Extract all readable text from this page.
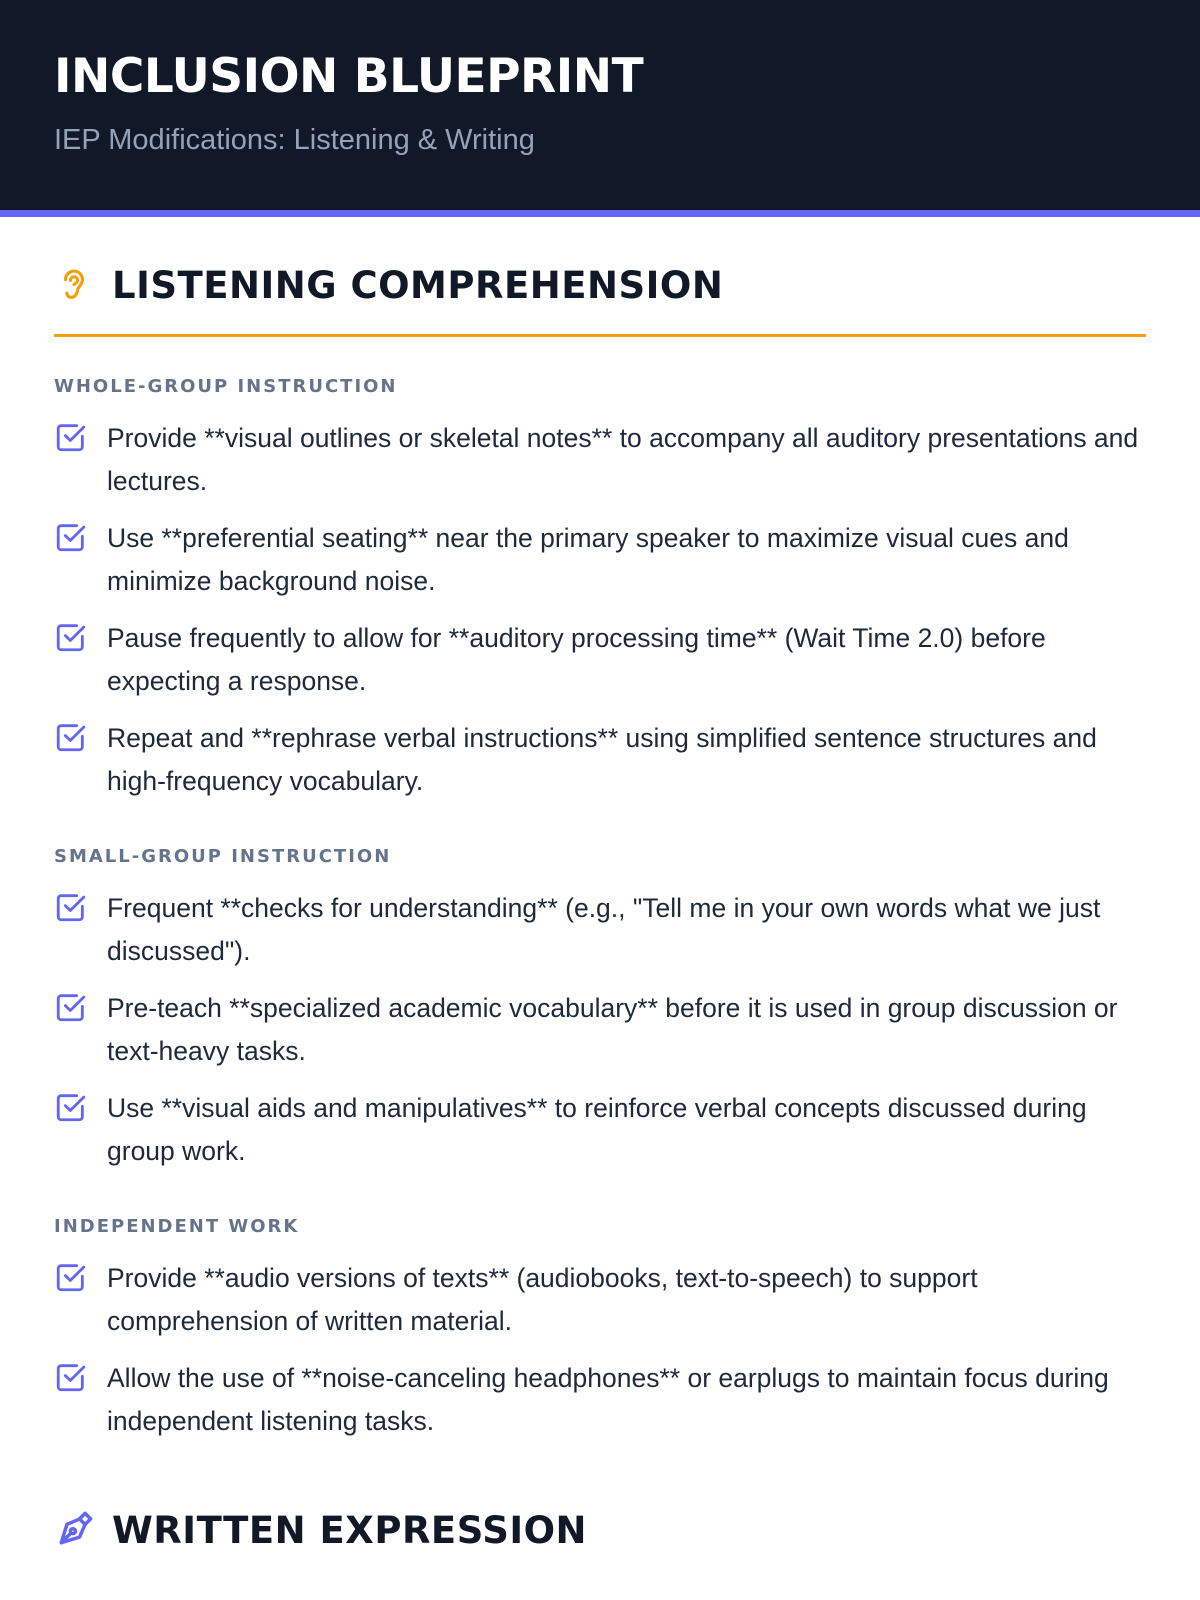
INCLUSION BLUEPRINT
IEP Modifications: Listening & Writing
LISTENING COMPREHENSION
WHOLE-GROUP INSTRUCTION
Provide **visual outlines or skeletal notes** to accompany all auditory presentations and lectures.
Use **preferential seating** near the primary speaker to maximize visual cues and minimize background noise.
Pause frequently to allow for **auditory processing time** (Wait Time 2.0) before expecting a response.
Repeat and **rephrase verbal instructions** using simplified sentence structures and high-frequency vocabulary.
SMALL-GROUP INSTRUCTION
Frequent **checks for understanding** (e.g., "Tell me in your own words what we just discussed").
Pre-teach **specialized academic vocabulary** before it is used in group discussion or text-heavy tasks.
Use **visual aids and manipulatives** to reinforce verbal concepts discussed during group work.
INDEPENDENT WORK
Provide **audio versions of texts** (audiobooks, text-to-speech) to support comprehension of written material.
Allow the use of **noise-canceling headphones** or earplugs to maintain focus during independent listening tasks.
WRITTEN EXPRESSION
